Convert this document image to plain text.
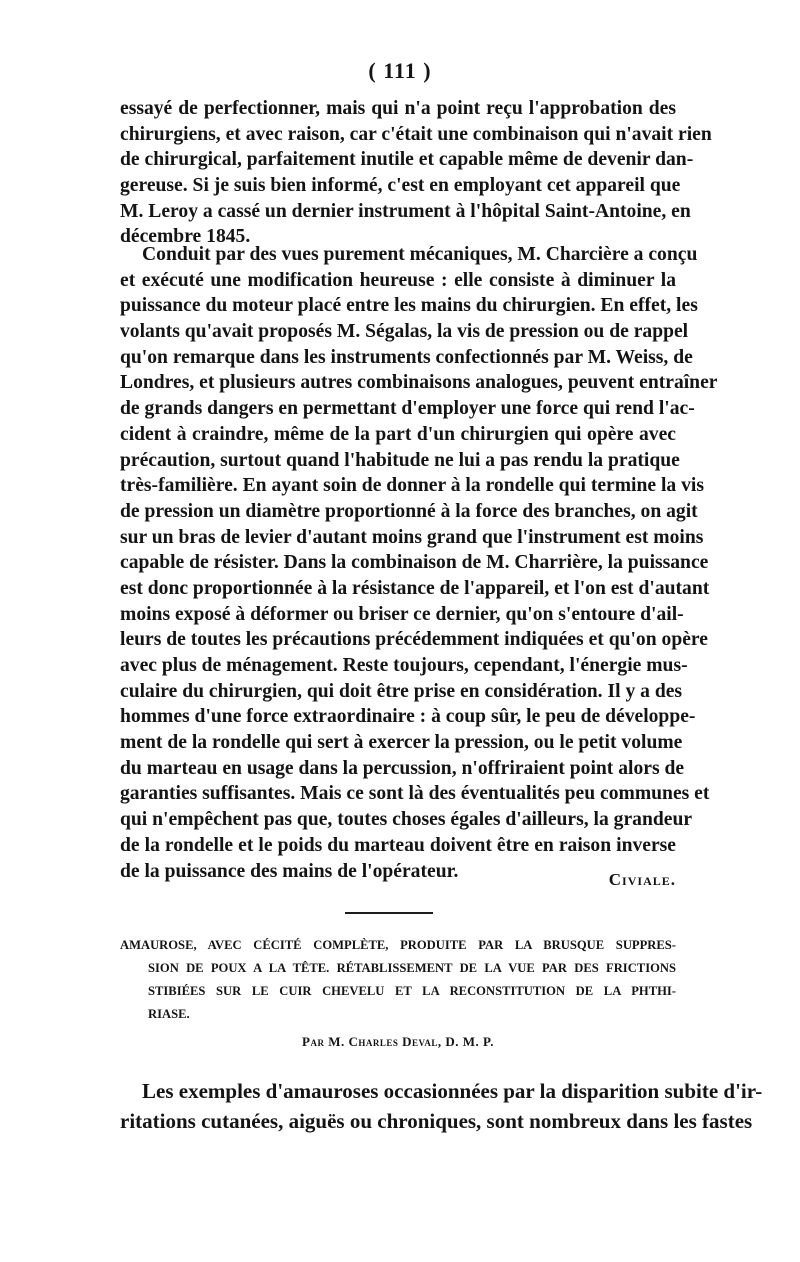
( 111 )
essayé de perfectionner, mais qui n'a point reçu l'approbation des
chirurgiens, et avec raison, car c'était une combinaison qui n'avait rien
de chirurgical, parfaitement inutile et capable même de devenir dan-
gereuse. Si je suis bien informé, c'est en employant cet appareil que
M. Leroy a cassé un dernier instrument à l'hôpital Saint-Antoine, en
décembre 1845.
Conduit par des vues purement mécaniques, M. Charcière a conçu
et exécuté une modification heureuse : elle consiste à diminuer la
puissance du moteur placé entre les mains du chirurgien. En effet, les
volants qu'avait proposés M. Ségalas, la vis de pression ou de rappel
qu'on remarque dans les instruments confectionnés par M. Weiss, de
Londres, et plusieurs autres combinaisons analogues, peuvent entraîner
de grands dangers en permettant d'employer une force qui rend l'ac-
cident à craindre, même de la part d'un chirurgien qui opère avec
précaution, surtout quand l'habitude ne lui a pas rendu la pratique
très-familière. En ayant soin de donner à la rondelle qui termine la vis
de pression un diamètre proportionné à la force des branches, on agit
sur un bras de levier d'autant moins grand que l'instrument est moins
capable de résister. Dans la combinaison de M. Charrière, la puissance
est donc proportionnée à la résistance de l'appareil, et l'on est d'autant
moins exposé à déformer ou briser ce dernier, qu'on s'entoure d'ail-
leurs de toutes les précautions précédemment indiquées et qu'on opère
avec plus de ménagement. Reste toujours, cependant, l'énergie mus-
culaire du chirurgien, qui doit être prise en considération. Il y a des
hommes d'une force extraordinaire : à coup sûr, le peu de développe-
ment de la rondelle qui sert à exercer la pression, ou le petit volume
du marteau en usage dans la percussion, n'offriraient point alors de
garanties suffisantes. Mais ce sont là des éventualités peu communes et
qui n'empêchent pas que, toutes choses égales d'ailleurs, la grandeur
de la rondelle et le poids du marteau doivent être en raison inverse
de la puissance des mains de l'opérateur.	Civiale.
AMAUROSE, AVEC CÉCITÉ COMPLÈTE, PRODUITE PAR LA BRUSQUE SUPPRES-
SION DE POUX A LA TÊTE. RÉTABLISSEMENT DE LA VUE PAR DES FRICTIONS
STIBIÉES SUR LE CUIR CHEVELU ET LA RECONSTITUTION DE LA PHTHI-
RIASE.
Par M. Charles Deval, D. M. P.
Les exemples d'amauroses occasionnées par la disparition subite d'ir-
ritations cutanées, aiguës ou chroniques, sont nombreux dans les fastes
